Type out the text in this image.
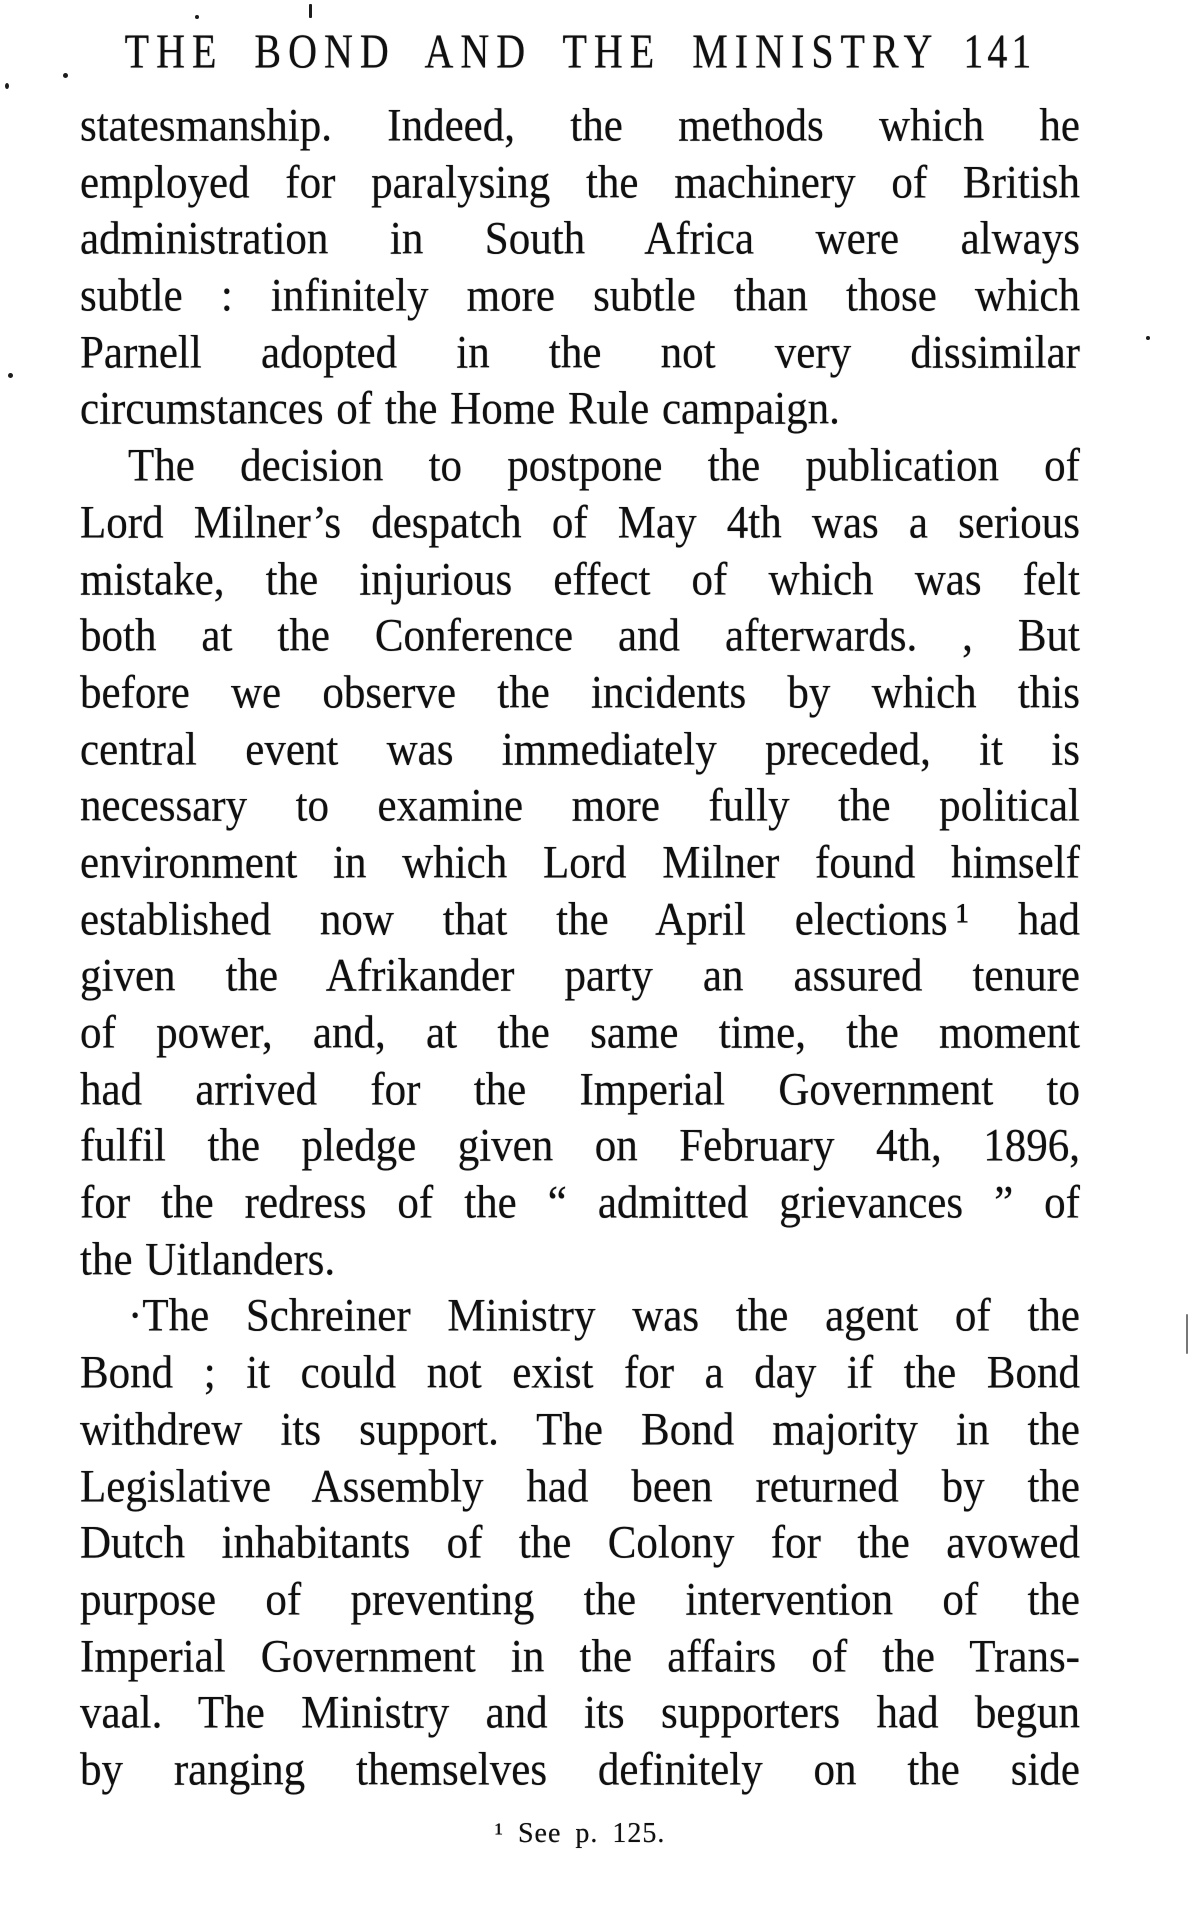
THE BOND AND THE MINISTRY 141
statesmanship. Indeed, the methods which he
employed for paralysing the machinery of British
administration in South Africa were always
subtle : infinitely more subtle than those which
Parnell adopted in the not very dissimilar
circumstances of the Home Rule campaign.
The decision to postpone the publication of
Lord Milner’s despatch of May 4th was a serious
mistake, the injurious effect of which was felt
both at the Conference and afterwards. , But
before we observe the incidents by which this
central event was immediately preceded, it is
necessary to examine more fully the political
environment in which Lord Milner found himself
established now that the April elections ¹ had
given the Afrikander party an assured tenure
of power, and, at the same time, the moment
had arrived for the Imperial Government to
fulfil the pledge given on February 4th, 1896,
for the redress of the “ admitted grievances ” of
the Uitlanders.
·The Schreiner Ministry was the agent of the
Bond ; it could not exist for a day if the Bond
withdrew its support. The Bond majority in the
Legislative Assembly had been returned by the
Dutch inhabitants of the Colony for the avowed
purpose of preventing the intervention of the
Imperial Government in the affairs of the Trans-
vaal. The Ministry and its supporters had begun
by ranging themselves definitely on the side
¹ See p. 125.
